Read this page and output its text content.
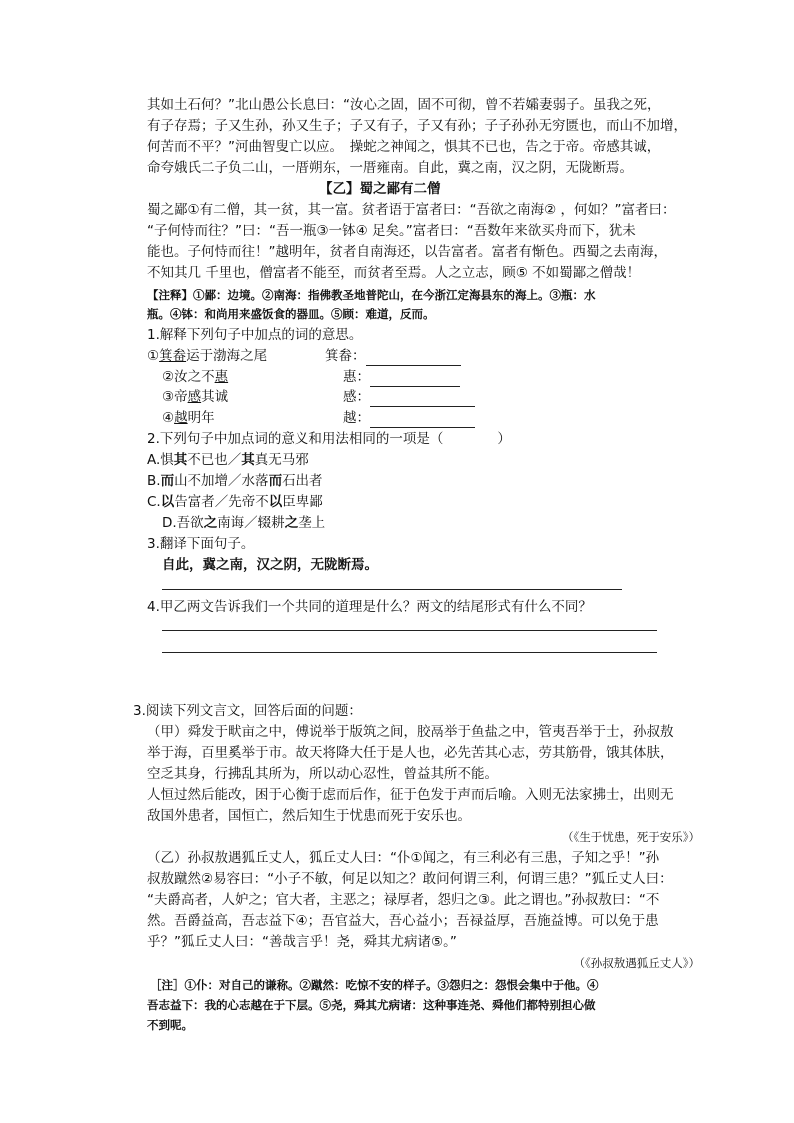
其如土石何？”北山愚公长息曰：“汝心之固，固不可彻，曾不若孀妻弱子。虽我之死，
有子存焉；子又生孙，孙又生子；子又有子，子又有孙；子子孙孙无穷匮也，而山不加增，
何苦而不平？”河曲智叟亡以应。　操蛇之神闻之，惧其不已也，告之于帝。帝感其诚，
命夸娥氏二子负二山，一厝朔东，一厝雍南。自此，冀之南，汉之阴，无陇断焉。
【乙】蜀之鄙有二僧
蜀之鄙①有二僧，其一贫，其一富。贫者语于富者曰：“吾欲之南海② ，何如？”富者曰：
“子何恃而往？”曰：“吾一瓶③一钵④ 足矣。”富者曰：“吾数年来欲买舟而下，犹未
能也。子何恃而往！”越明年，贫者自南海还，以告富者。富者有惭色。西蜀之去南海，
不知其几 千里也，僧富者不能至，而贫者至焉。人之立志，顾⑤ 不如蜀鄙之僧哉！
【注释】①鄙：边境。②南海：指佛教圣地普陀山，在今浙江定海县东的海上。③瓶：水
瓶。④钵：和尚用来盛饭食的器皿。⑤顾：难道，反而。
1.解释下列句子中加点的词的意思。
①箕畚运于渤海之尾	箕畚：
②汝之不惠	惠：
③帝感其诚	感：
④越明年	越：
2.下列句子中加点词的意义和用法相同的一项是（　　　　）
A.惧其不已也／其真无马邪
B.而山不加增／水落而石出者
C.以告富者／先帝不以臣卑鄙
D.吾欲之南诲／辍耕之垄上
3.翻译下面句子。
自此，冀之南，汉之阴，无陇断焉。
4.甲乙两文告诉我们一个共同的道理是什么？两文的结尾形式有什么不同？
3.阅读下列文言文，回答后面的问题：
（甲）舜发于畎亩之中，傅说举于版筑之间，胶鬲举于鱼盐之中，管夷吾举于士，孙叔敖
举于海，百里奚举于市。故天将降大任于是人也，必先苦其心志，劳其筋骨，饿其体肤，
空乏其身，行拂乱其所为，所以动心忍性，曾益其所不能。
人恒过然后能改，困于心衡于虑而后作，征于色发于声而后喻。入则无法家拂士，出则无
敌国外患者，国恒亡，然后知生于忧患而死于安乐也。
（《生于忧患，死于安乐》）
（乙）孙叔敖遇狐丘丈人，狐丘丈人曰：“仆①闻之，有三利必有三患，子知之乎！”孙
叔敖蹴然②易容曰：“小子不敏，何足以知之？敢问何谓三利，何谓三患？”狐丘丈人曰：
“夫爵高者，人妒之；官大者，主恶之；禄厚者，怨归之③。此之谓也。”孙叔敖曰：“不
然。吾爵益高，吾志益下④；吾官益大，吾心益小；吾禄益厚，吾施益博。可以免于患
乎？”狐丘丈人曰：“善哉言乎！尧，舜其尤病诸⑤。”
（《孙叔敖遇狐丘丈人》）
［注］①仆：对自己的谦称。②蹴然：吃惊不安的样子。③怨归之：怨恨会集中于他。④
吾志益下：我的心志越在于下层。⑤尧，舜其尤病诸：这种事连尧、舜他们都特别担心做
不到呢。
